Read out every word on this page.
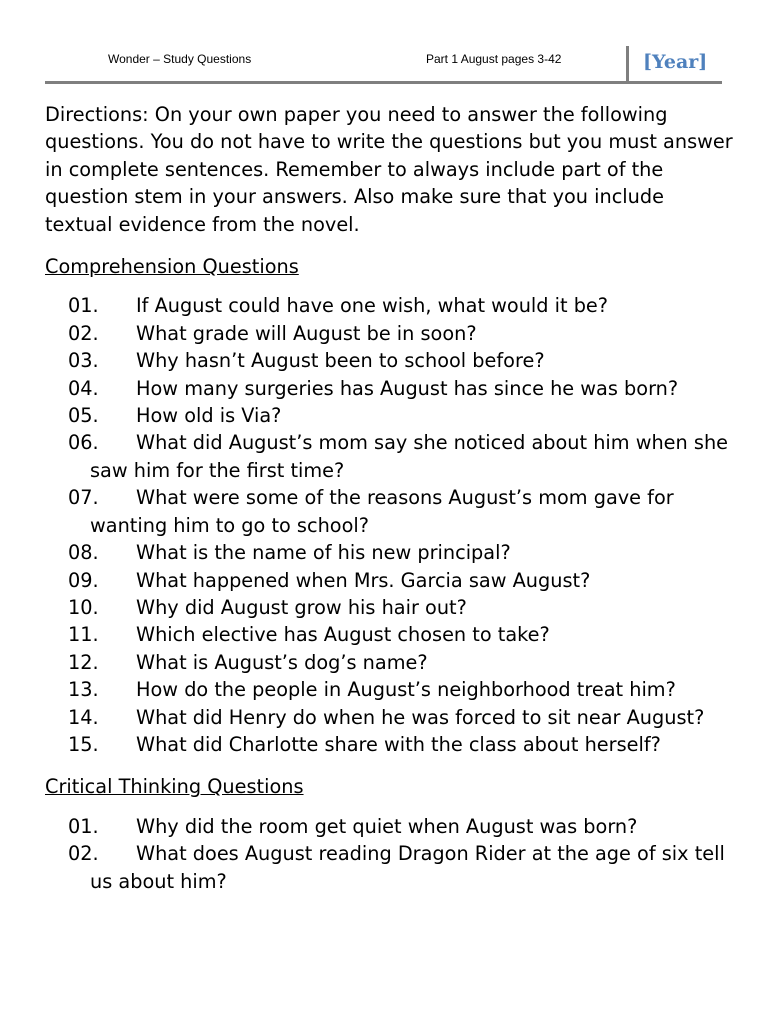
Wonder – Study Questions	Part 1 August pages 3-42	[Year]

Directions: On your own paper you need to answer the following questions. You do not have to write the questions but you must answer in complete sentences. Remember to always include part of the question stem in your answers. Also make sure that you include textual evidence from the novel.

Comprehension Questions
01. If August could have one wish, what would it be?
02. What grade will August be in soon?
03. Why hasn’t August been to school before?
04. How many surgeries has August has since he was born?
05. How old is Via?
06. What did August’s mom say she noticed about him when she saw him for the first time?
07. What were some of the reasons August’s mom gave for wanting him to go to school?
08. What is the name of his new principal?
09. What happened when Mrs. Garcia saw August?
10. Why did August grow his hair out?
11. Which elective has August chosen to take?
12. What is August’s dog’s name?
13. How do the people in August’s neighborhood treat him?
14. What did Henry do when he was forced to sit near August?
15. What did Charlotte share with the class about herself?
Critical Thinking Questions
01. Why did the room get quiet when August was born?
02. What does August reading Dragon Rider at the age of six tell us about him?
